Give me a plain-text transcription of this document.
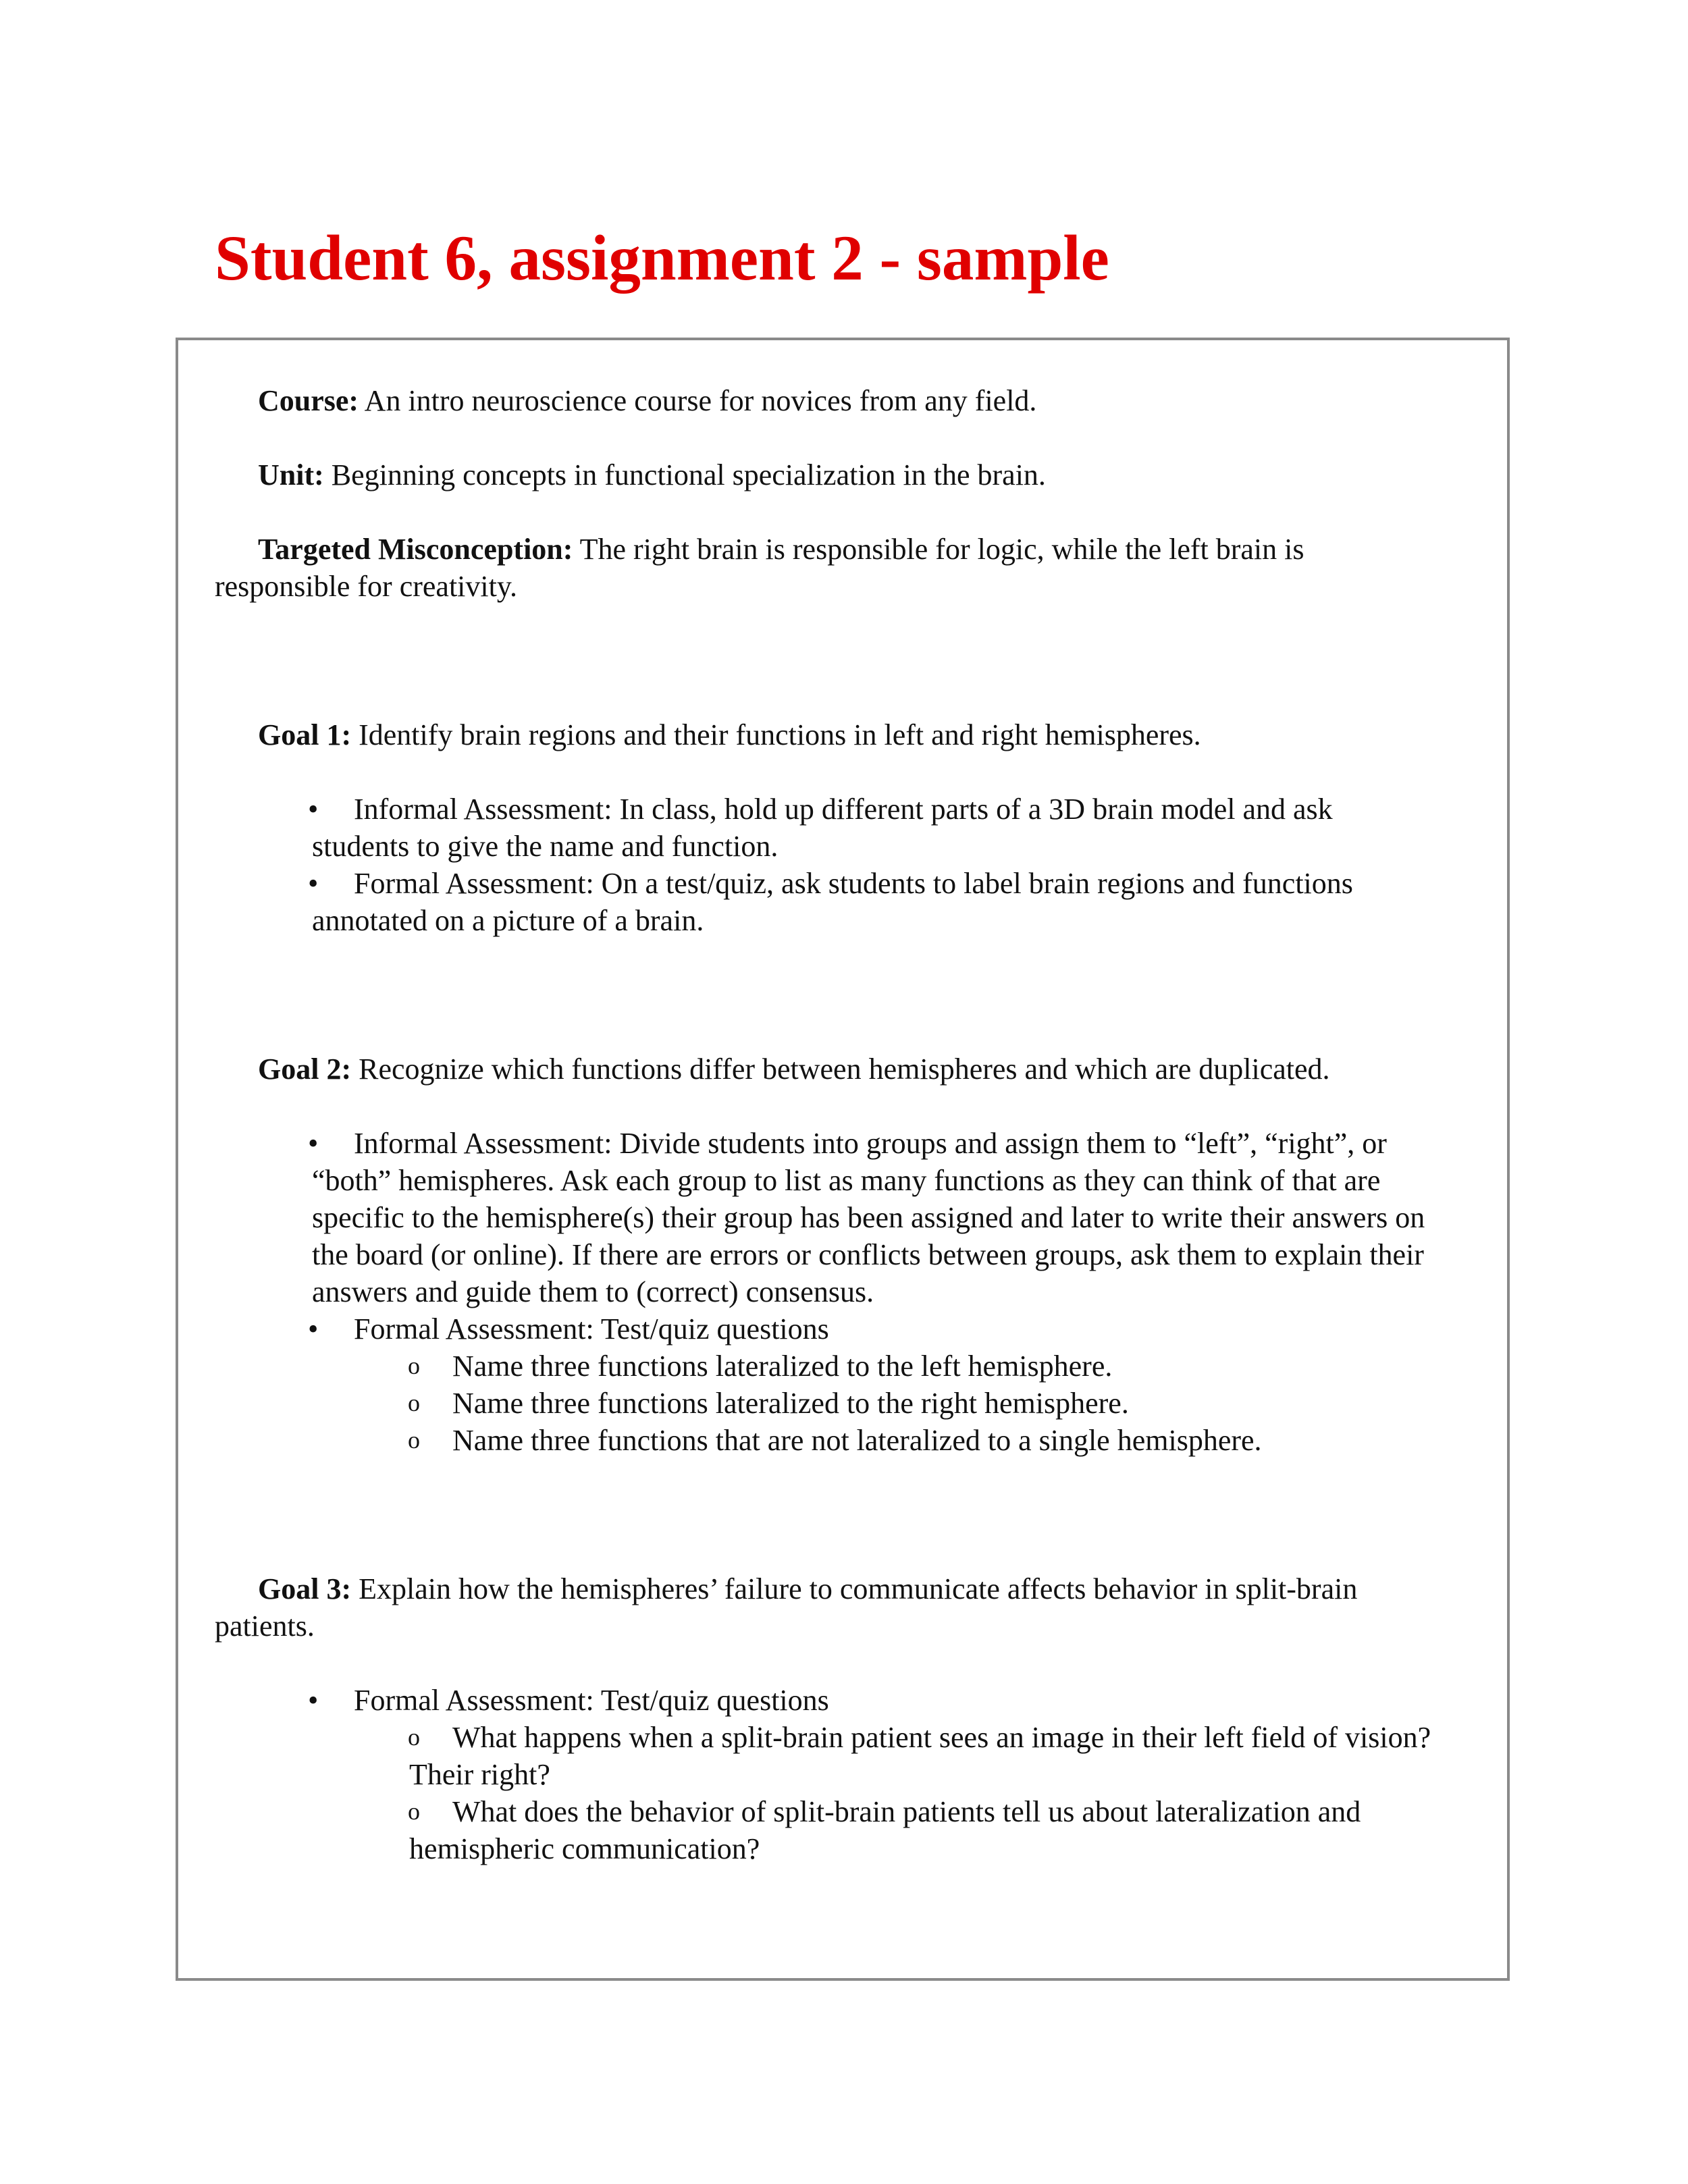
Student 6, assignment 2 - sample

Course: An intro neuroscience course for novices from any field.

Unit: Beginning concepts in functional specialization in the brain.

Targeted Misconception: The right brain is responsible for logic, while the left brain is responsible for creativity.

Goal 1: Identify brain regions and their functions in left and right hemispheres.

• Informal Assessment: In class, hold up different parts of a 3D brain model and ask students to give the name and function.
• Formal Assessment: On a test/quiz, ask students to label brain regions and functions annotated on a picture of a brain.

Goal 2: Recognize which functions differ between hemispheres and which are duplicated.

• Informal Assessment: Divide students into groups and assign them to “left”, “right”, or “both” hemispheres. Ask each group to list as many functions as they can think of that are specific to the hemisphere(s) their group has been assigned and later to write their answers on the board (or online). If there are errors or conflicts between groups, ask them to explain their answers and guide them to (correct) consensus.
• Formal Assessment: Test/quiz questions
o Name three functions lateralized to the left hemisphere.
o Name three functions lateralized to the right hemisphere.
o Name three functions that are not lateralized to a single hemisphere.

Goal 3: Explain how the hemispheres’ failure to communicate affects behavior in split-brain patients.

• Formal Assessment: Test/quiz questions
o What happens when a split-brain patient sees an image in their left field of vision? Their right?
o What does the behavior of split-brain patients tell us about lateralization and hemispheric communication?
